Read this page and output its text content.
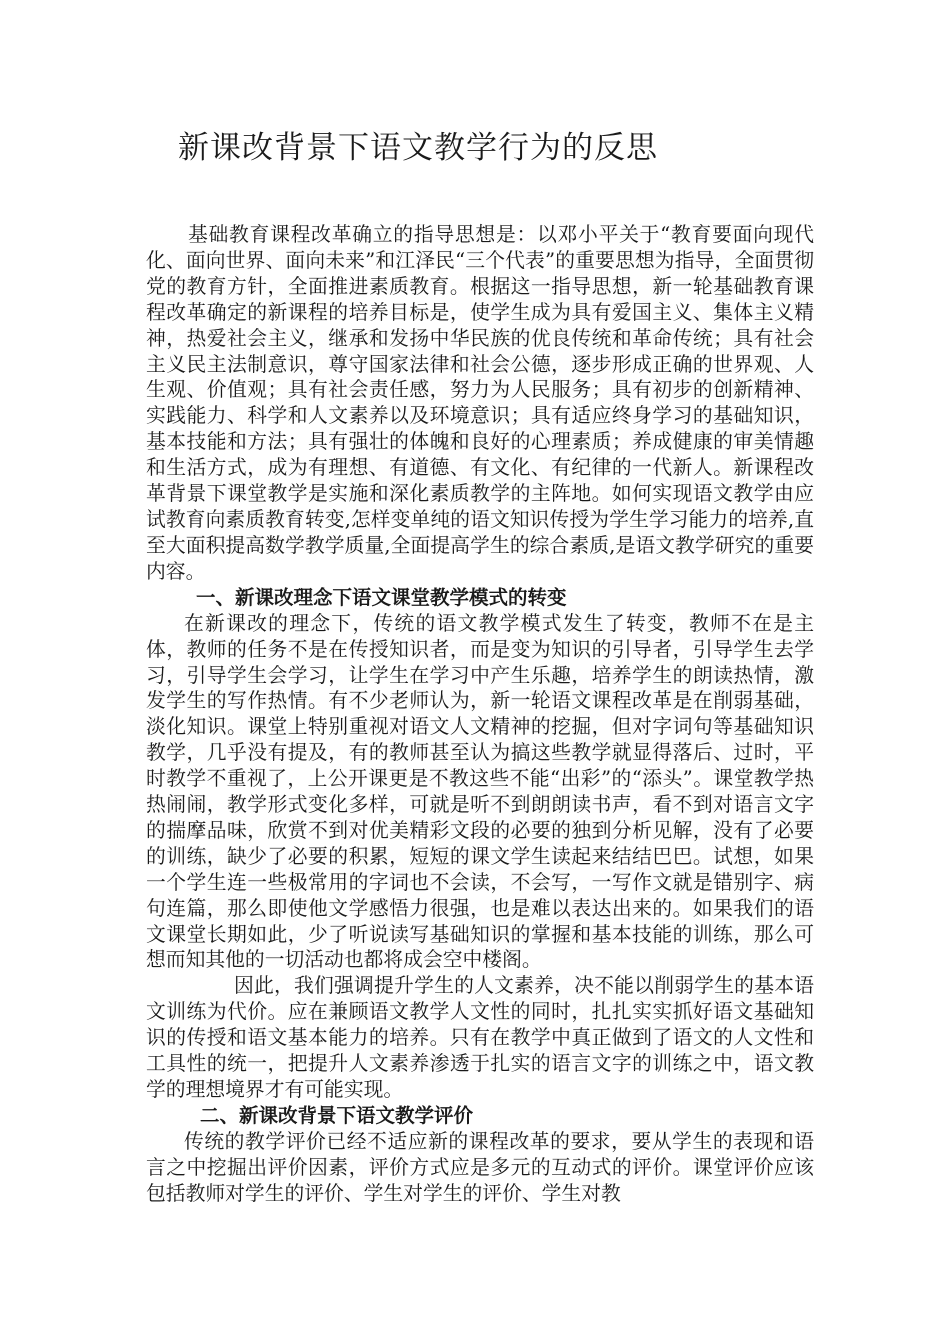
新课改背景下语文教学行为的反思

基础教育课程改革确立的指导思想是：以邓小平关于“教育要面向现代化、面向世界、面向未来”和江泽民“三个代表”的重要思想为指导，全面贯彻党的教育方针，全面推进素质教育。根据这一指导思想，新一轮基础教育课程改革确定的新课程的培养目标是，使学生成为具有爱国主义、集体主义精神，热爱社会主义，继承和发扬中华民族的优良传统和革命传统；具有社会主义民主法制意识，尊守国家法律和社会公德，逐步形成正确的世界观、人生观、价值观；具有社会责任感，努力为人民服务；具有初步的创新精神、实践能力、科学和人文素养以及环境意识；具有适应终身学习的基础知识，基本技能和方法；具有强壮的体魄和良好的心理素质；养成健康的审美情趣和生活方式，成为有理想、有道德、有文化、有纪律的一代新人。新课程改革背景下课堂教学是实施和深化素质教学的主阵地。如何实现语文教学由应试教育向素质教育转变,怎样变单纯的语文知识传授为学生学习能力的培养,直至大面积提高数学教学质量,全面提高学生的综合素质,是语文教学研究的重要内容。

一、新课改理念下语文课堂教学模式的转变

在新课改的理念下，传统的语文教学模式发生了转变，教师不在是主体，教师的任务不是在传授知识者，而是变为知识的引导者，引导学生去学习，引导学生会学习，让学生在学习中产生乐趣，培养学生的朗读热情，激发学生的写作热情。有不少老师认为，新一轮语文课程改革是在削弱基础，淡化知识。课堂上特别重视对语文人文精神的挖掘，但对字词句等基础知识教学，几乎没有提及，有的教师甚至认为搞这些教学就显得落后、过时，平时教学不重视了，上公开课更是不教这些不能“出彩”的“添头”。课堂教学热热闹闹，教学形式变化多样，可就是听不到朗朗读书声，看不到对语言文字的揣摩品味，欣赏不到对优美精彩文段的必要的独到分析见解，没有了必要的训练，缺少了必要的积累，短短的课文学生读起来结结巴巴。试想，如果一个学生连一些极常用的字词也不会读，不会写，一写作文就是错别字、病句连篇，那么即使他文学感悟力很强，也是难以表达出来的。如果我们的语文课堂长期如此，少了听说读写基础知识的掌握和基本技能的训练，那么可想而知其他的一切活动也都将成会空中楼阁。

因此，我们强调提升学生的人文素养，决不能以削弱学生的基本语文训练为代价。应在兼顾语文教学人文性的同时，扎扎实实抓好语文基础知识的传授和语文基本能力的培养。只有在教学中真正做到了语文的人文性和工具性的统一，把提升人文素养渗透于扎实的语言文字的训练之中，语文教学的理想境界才有可能实现。

二、新课改背景下语文教学评价

传统的教学评价已经不适应新的课程改革的要求，要从学生的表现和语言之中挖掘出评价因素，评价方式应是多元的互动式的评价。课堂评价应该包括教师对学生的评价、学生对学生的评价、学生对教
